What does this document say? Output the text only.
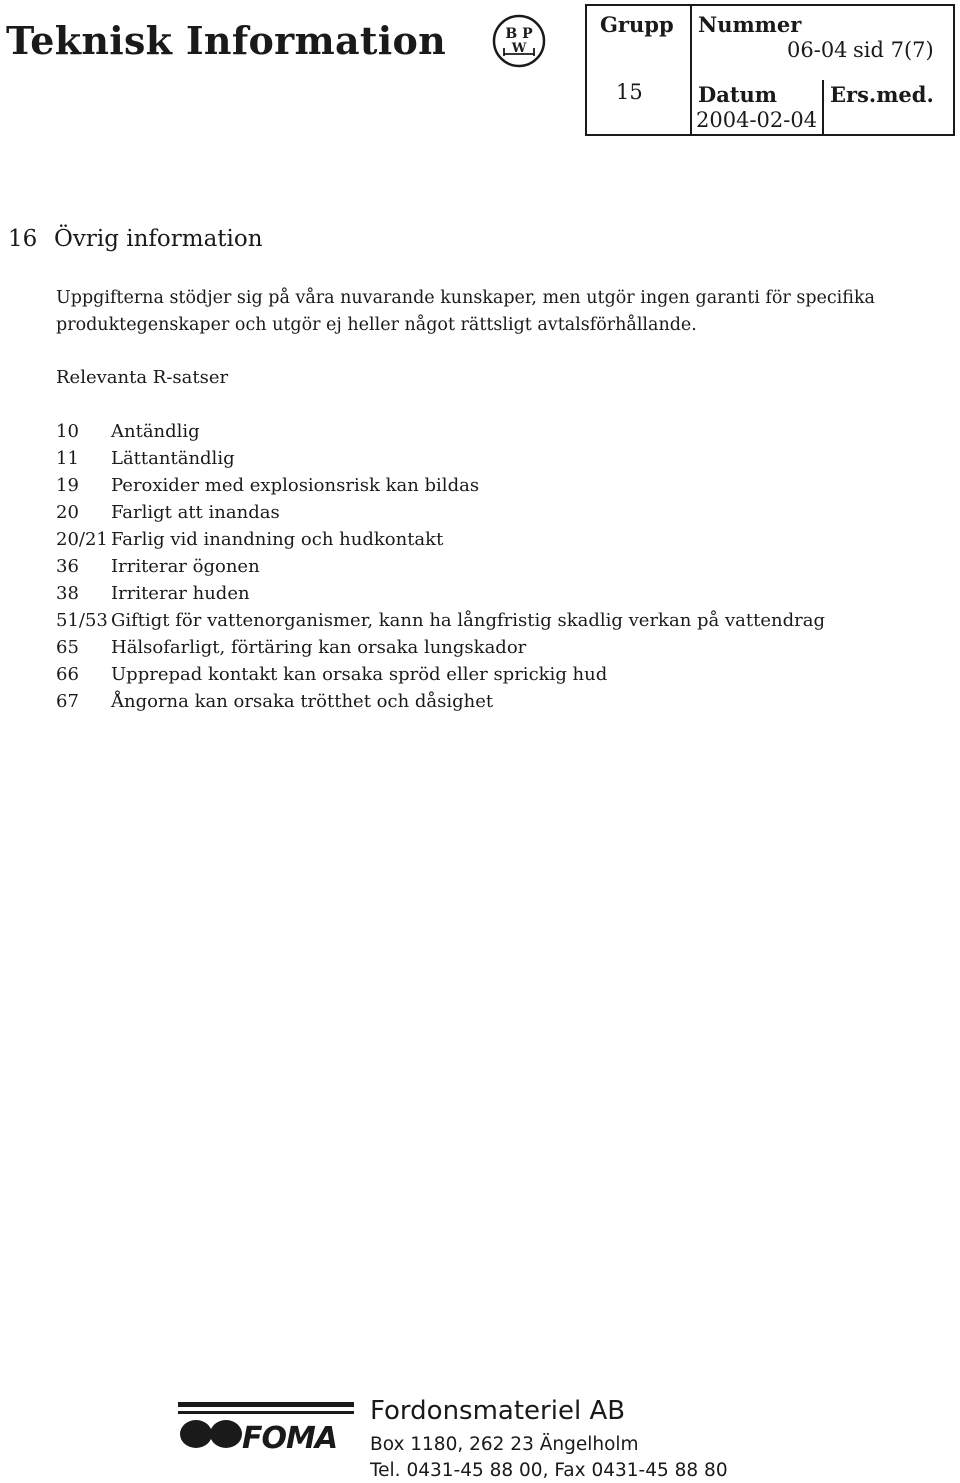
Teknisk Information	B P
W
Grupp
15
Nummer
06-04 sid 7(7)
Datum
2004-02-04
Ers.med.
16 Övrig information
Uppgifterna stödjer sig på våra nuvarande kunskaper, men utgör ingen garanti för specifika produktegenskaper och utgör ej heller något rättsligt avtalsförhållande.
Relevanta R-satser
10	Antändlig
11	Lättantändlig
19	Peroxider med explosionsrisk kan bildas
20	Farligt att inandas
20/21 Farlig vid inandning och hudkontakt
36	Irriterar ögonen
38	Irriterar huden
51/53 Giftigt för vattenorganismer, kann ha långfristig skadlig verkan på vattendrag
65	Hälsofarligt, förtäring kan orsaka lungskador
66	Upprepad kontakt kan orsaka spröd eller sprickig hud
67	Ångorna kan orsaka trötthet och dåsighet
FOMA
Fordonsmateriel AB
Box 1180, 262 23 Ängelholm
Tel. 0431-45 88 00, Fax 0431-45 88 80
